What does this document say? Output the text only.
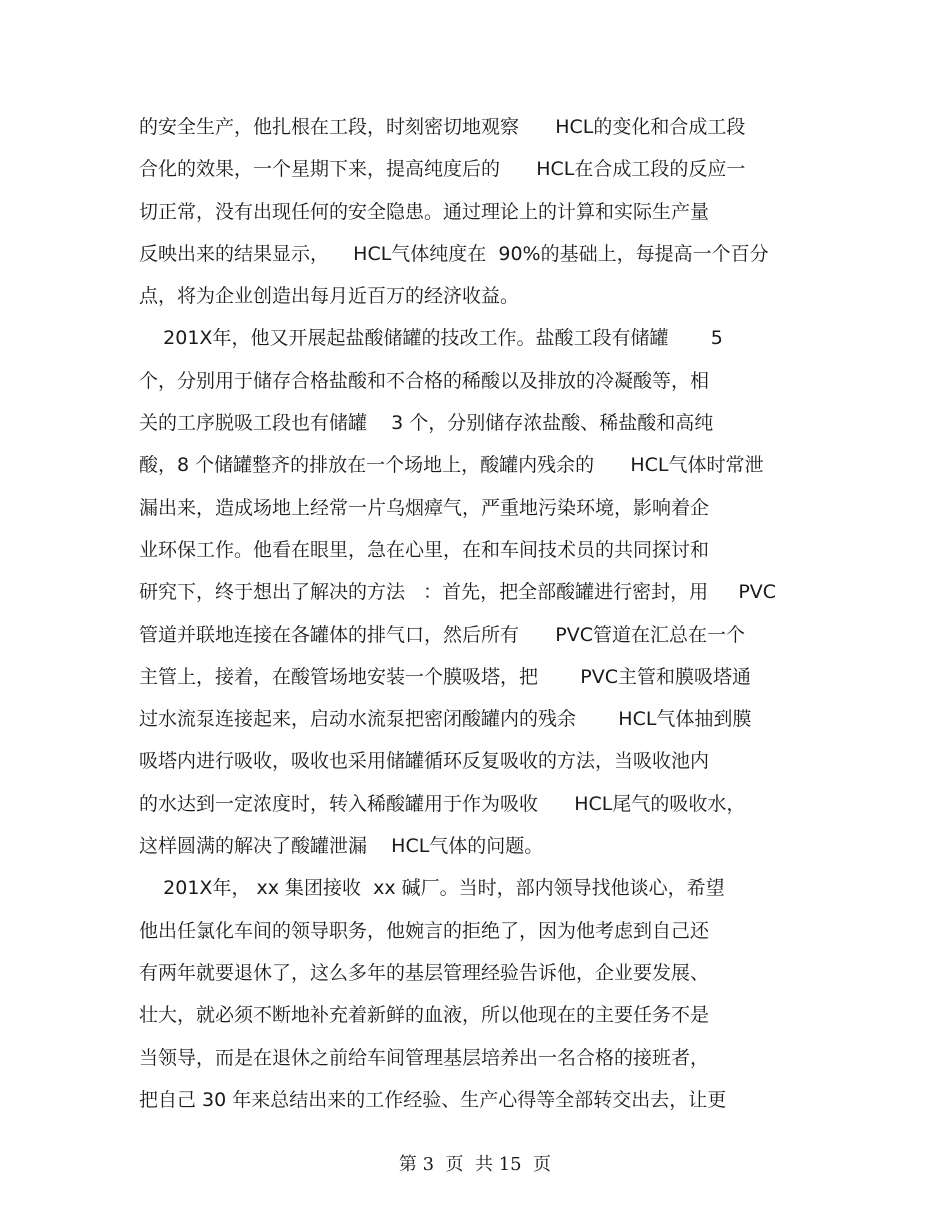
的安全生产，他扎根在工段，时刻密切地观察      HCL的变化和合成工段
合化的效果，一个星期下来，提高纯度后的      HCL在合成工段的反应一
切正常，没有出现任何的安全隐患。通过理论上的计算和实际生产量
反映出来的结果显示，    HCL气体纯度在  90%的基础上，每提高一个百分
点，将为企业创造出每月近百万的经济收益。
201X年，他又开展起盐酸储罐的技改工作。盐酸工段有储罐       5
个，分别用于储存合格盐酸和不合格的稀酸以及排放的冷凝酸等，相
关的工序脱吸工段也有储罐    3 个，分别储存浓盐酸、稀盐酸和高纯
酸，8 个储罐整齐的排放在一个场地上，酸罐内残余的      HCL气体时常泄
漏出来，造成场地上经常一片乌烟瘴气，严重地污染环境，影响着企
业环保工作。他看在眼里，急在心里，在和车间技术员的共同探讨和
研究下，终于想出了解决的方法   ：首先，把全部酸罐进行密封，用     PVC
管道并联地连接在各罐体的排气口，然后所有      PVC管道在汇总在一个
主管上，接着，在酸管场地安装一个膜吸塔，把       PVC主管和膜吸塔通
过水流泵连接起来，启动水流泵把密闭酸罐内的残余       HCL气体抽到膜
吸塔内进行吸收，吸收也采用储罐循环反复吸收的方法，当吸收池内
的水达到一定浓度时，转入稀酸罐用于作为吸收      HCL尾气的吸收水，
这样圆满的解决了酸罐泄漏    HCL气体的问题。
201X年， xx 集团接收  xx 碱厂。当时，部内领导找他谈心，希望
他出任氯化车间的领导职务，他婉言的拒绝了，因为他考虑到自己还
有两年就要退休了，这么多年的基层管理经验告诉他，企业要发展、
壮大，就必须不断地补充着新鲜的血液，所以他现在的主要任务不是
当领导，而是在退休之前给车间管理基层培养出一名合格的接班者，
把自己 30 年来总结出来的工作经验、生产心得等全部转交出去，让更
第 3  页  共 15  页
